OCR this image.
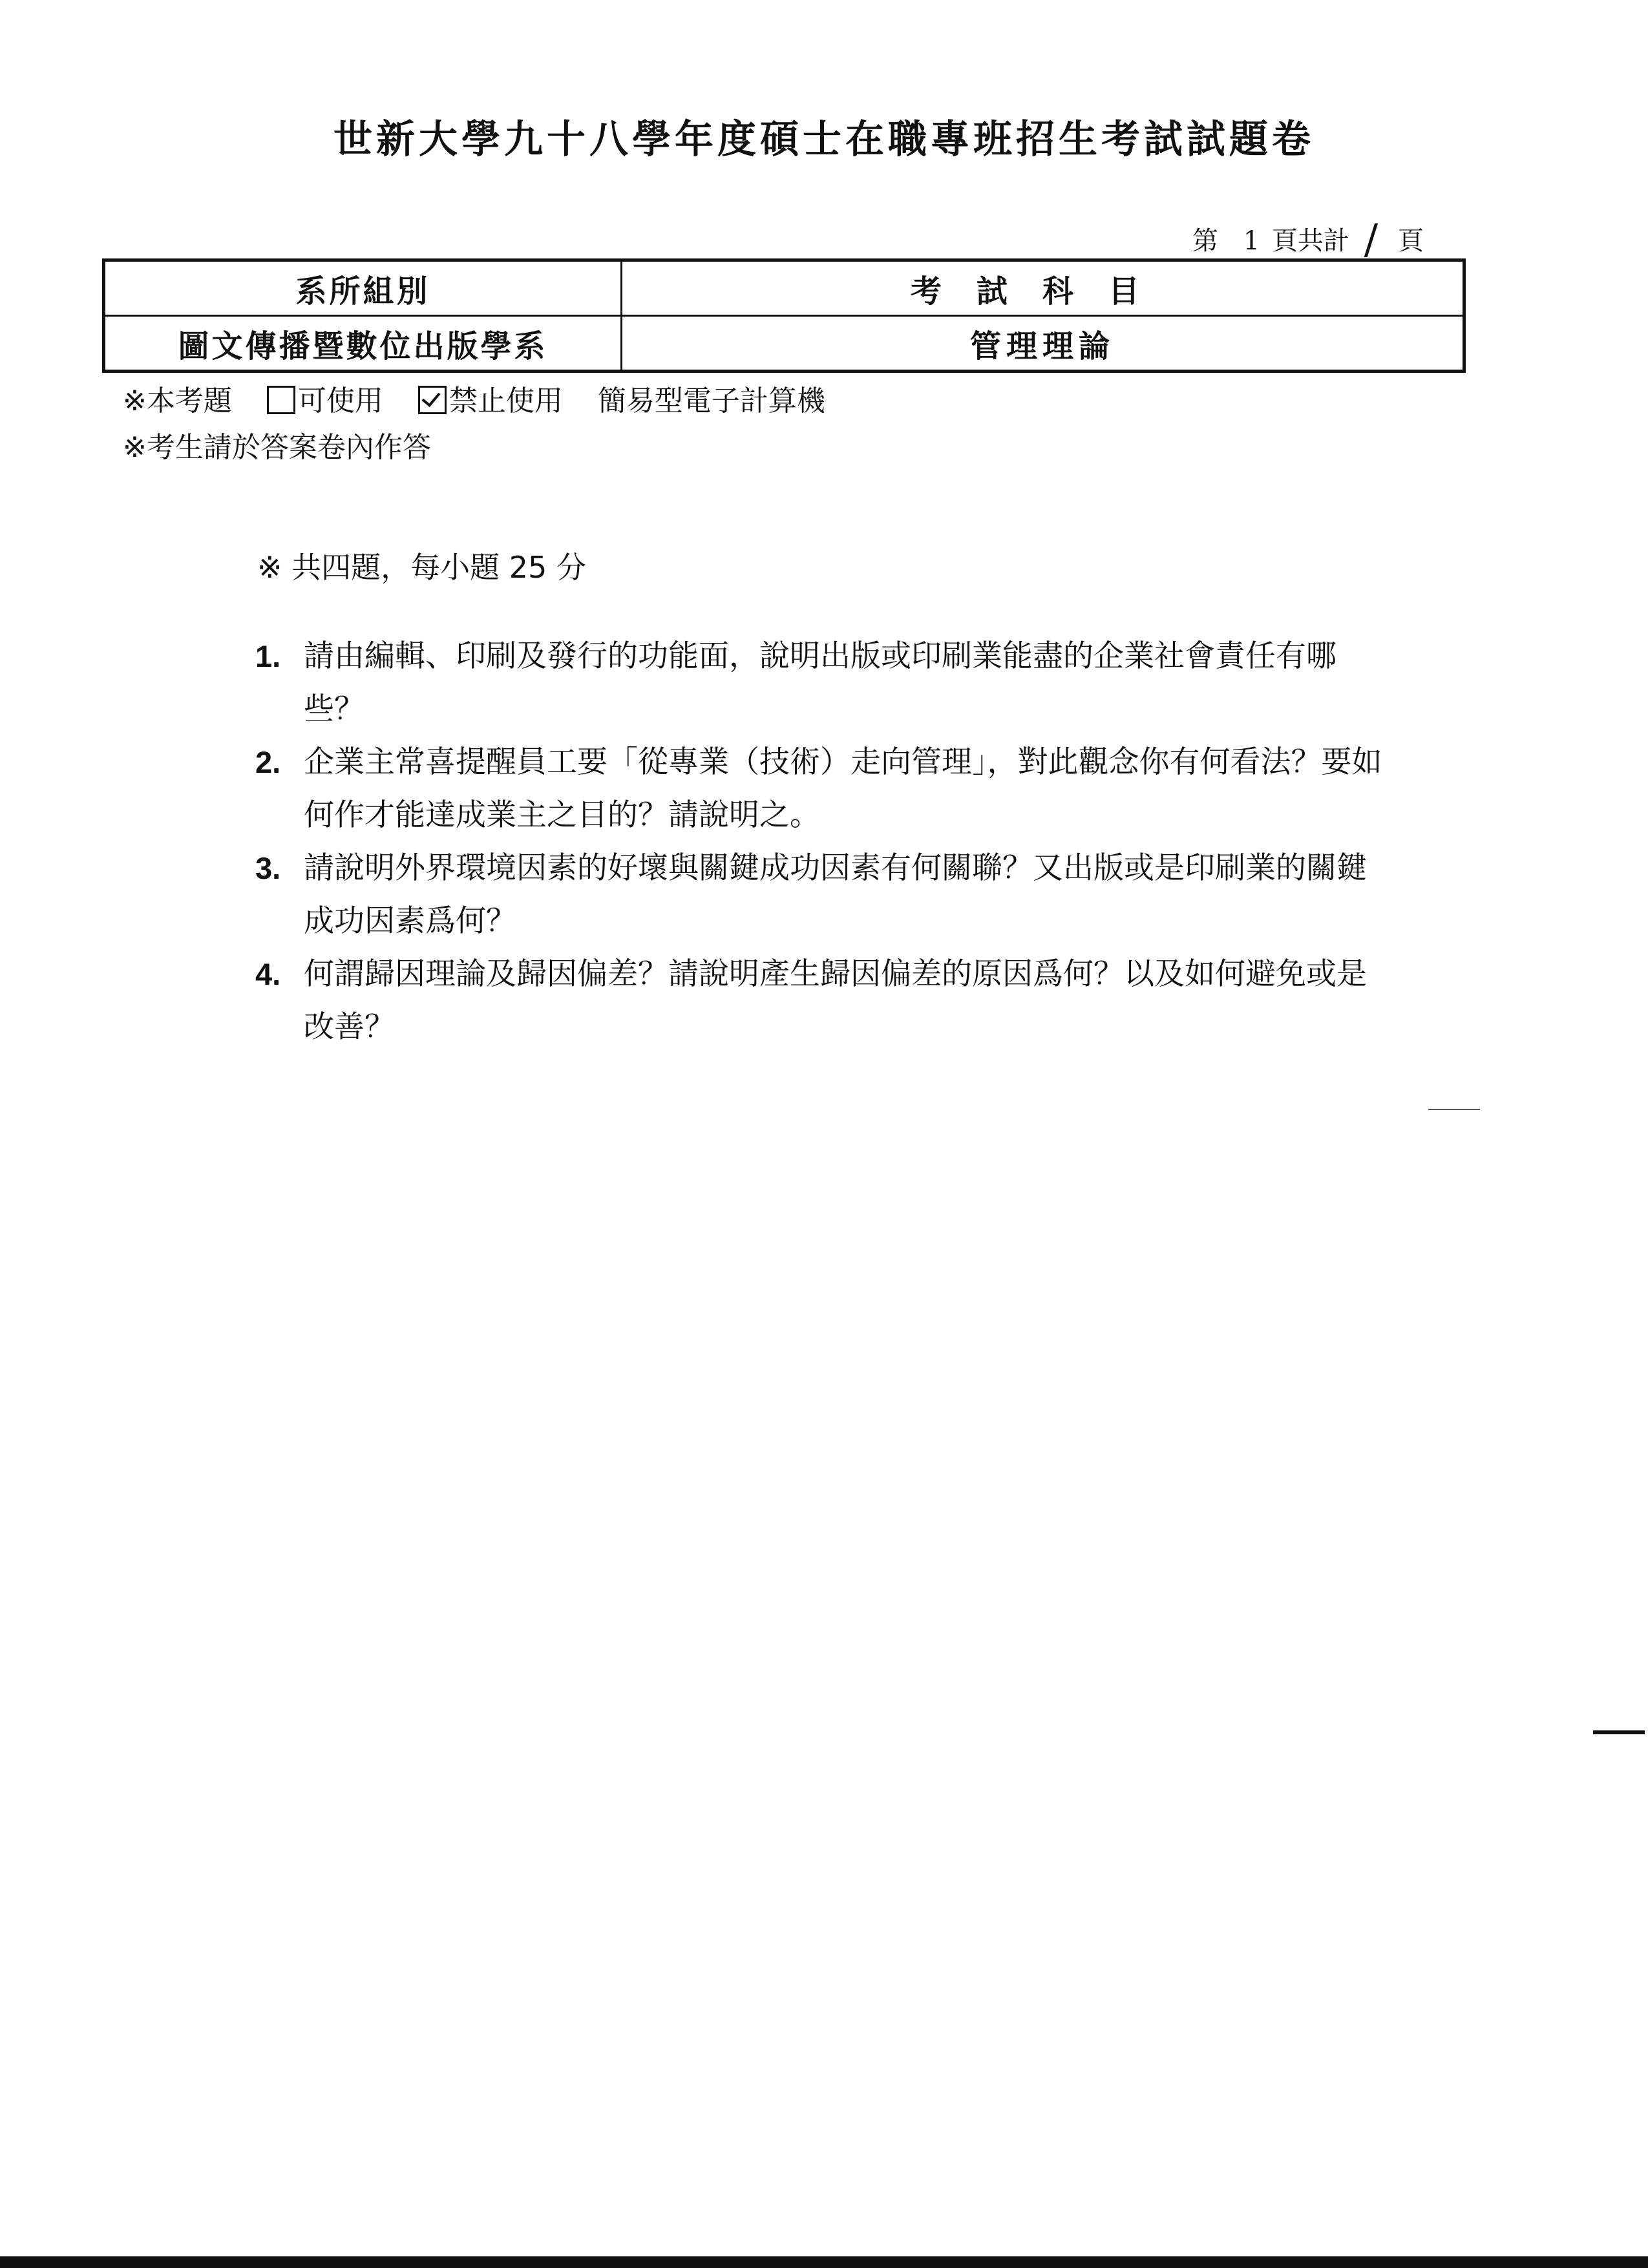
世新大學九十八學年度碩士在職專班招生考試試題卷
第 1 頁共計 / 頁
系所組別	考試科目
圖文傳播暨數位出版學系	管理理論
※本考題 可使用 禁止使用 簡易型電子計算機
※考生請於答案卷內作答
※ 共四題，每小題 25 分
1. 請由編輯、印刷及發行的功能面，說明出版或印刷業能盡的企業社會責任有哪些？
2. 企業主常喜提醒員工要「從專業（技術）走向管理」，對此觀念你有何看法？要如何作才能達成業主之目的？請說明之。
3. 請說明外界環境因素的好壞與關鍵成功因素有何關聯？又出版或是印刷業的關鍵成功因素爲何？
4. 何謂歸因理論及歸因偏差？請說明產生歸因偏差的原因爲何？以及如何避免或是改善？
